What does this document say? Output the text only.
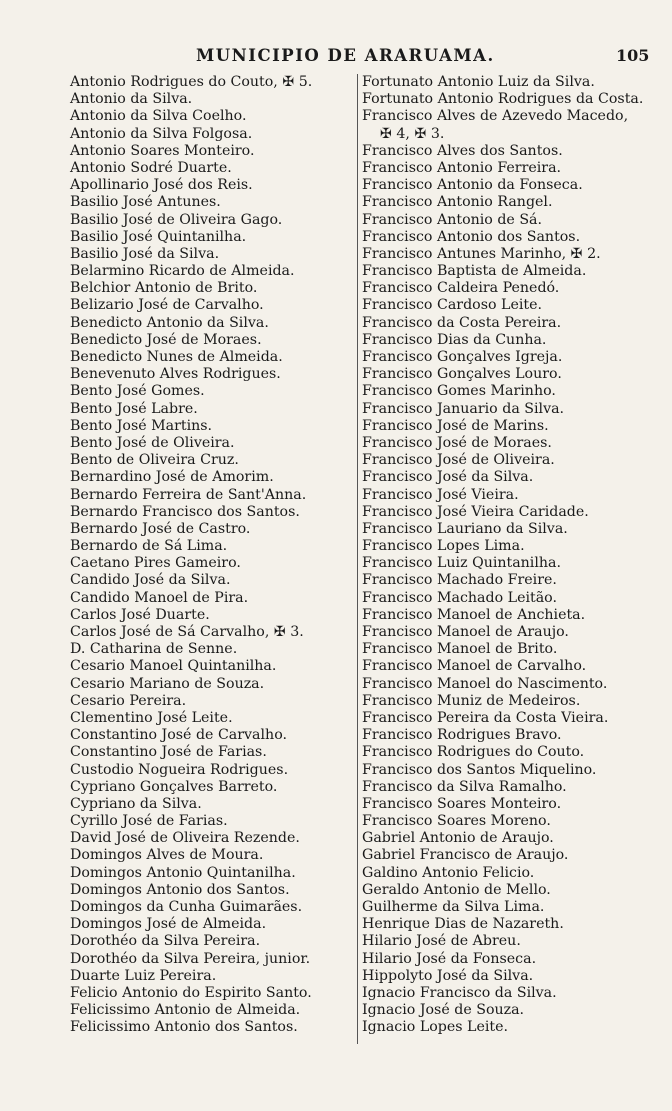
MUNICIPIO DE ARARUAMA.	105
Antonio Rodrigues do Couto, ✠ 5.
Antonio da Silva.
Antonio da Silva Coelho.
Antonio da Silva Folgosa.
Antonio Soares Monteiro.
Antonio Sodré Duarte.
Apollinario José dos Reis.
Basilio José Antunes.
Basilio José de Oliveira Gago.
Basilio José Quintanilha.
Basilio José da Silva.
Belarmino Ricardo de Almeida.
Belchior Antonio de Brito.
Belizario José de Carvalho.
Benedicto Antonio da Silva.
Benedicto José de Moraes.
Benedicto Nunes de Almeida.
Benevenuto Alves Rodrigues.
Bento José Gomes.
Bento José Labre.
Bento José Martins.
Bento José de Oliveira.
Bento de Oliveira Cruz.
Bernardino José de Amorim.
Bernardo Ferreira de Sant'Anna.
Bernardo Francisco dos Santos.
Bernardo José de Castro.
Bernardo de Sá Lima.
Caetano Pires Gameiro.
Candido José da Silva.
Candido Manoel de Pira.
Carlos José Duarte.
Carlos José de Sá Carvalho, ✠ 3.
D. Catharina de Senne.
Cesario Manoel Quintanilha.
Cesario Mariano de Souza.
Cesario Pereira.
Clementino José Leite.
Constantino José de Carvalho.
Constantino José de Farias.
Custodio Nogueira Rodrigues.
Cypriano Gonçalves Barreto.
Cypriano da Silva.
Cyrillo José de Farias.
David José de Oliveira Rezende.
Domingos Alves de Moura.
Domingos Antonio Quintanilha.
Domingos Antonio dos Santos.
Domingos da Cunha Guimarães.
Domingos José de Almeida.
Dorothéo da Silva Pereira.
Dorothéo da Silva Pereira, junior.
Duarte Luiz Pereira.
Felicio Antonio do Espirito Santo.
Felicissimo Antonio de Almeida.
Felicissimo Antonio dos Santos.
Fortunato Antonio Luiz da Silva.
Fortunato Antonio Rodrigues da Costa.
Francisco Alves de Azevedo Macedo,
✠ 4, ✠ 3.
Francisco Alves dos Santos.
Francisco Antonio Ferreira.
Francisco Antonio da Fonseca.
Francisco Antonio Rangel.
Francisco Antonio de Sá.
Francisco Antonio dos Santos.
Francisco Antunes Marinho, ✠ 2.
Francisco Baptista de Almeida.
Francisco Caldeira Penedó.
Francisco Cardoso Leite.
Francisco da Costa Pereira.
Francisco Dias da Cunha.
Francisco Gonçalves Igreja.
Francisco Gonçalves Louro.
Francisco Gomes Marinho.
Francisco Januario da Silva.
Francisco José de Marins.
Francisco José de Moraes.
Francisco José de Oliveira.
Francisco José da Silva.
Francisco José Vieira.
Francisco José Vieira Caridade.
Francisco Lauriano da Silva.
Francisco Lopes Lima.
Francisco Luiz Quintanilha.
Francisco Machado Freire.
Francisco Machado Leitão.
Francisco Manoel de Anchieta.
Francisco Manoel de Araujo.
Francisco Manoel de Brito.
Francisco Manoel de Carvalho.
Francisco Manoel do Nascimento.
Francisco Muniz de Medeiros.
Francisco Pereira da Costa Vieira.
Francisco Rodrigues Bravo.
Francisco Rodrigues do Couto.
Francisco dos Santos Miquelino.
Francisco da Silva Ramalho.
Francisco Soares Monteiro.
Francisco Soares Moreno.
Gabriel Antonio de Araujo.
Gabriel Francisco de Araujo.
Galdino Antonio Felicio.
Geraldo Antonio de Mello.
Guilherme da Silva Lima.
Henrique Dias de Nazareth.
Hilario José de Abreu.
Hilario José da Fonseca.
Hippolyto José da Silva.
Ignacio Francisco da Silva.
Ignacio José de Souza.
Ignacio Lopes Leite.
